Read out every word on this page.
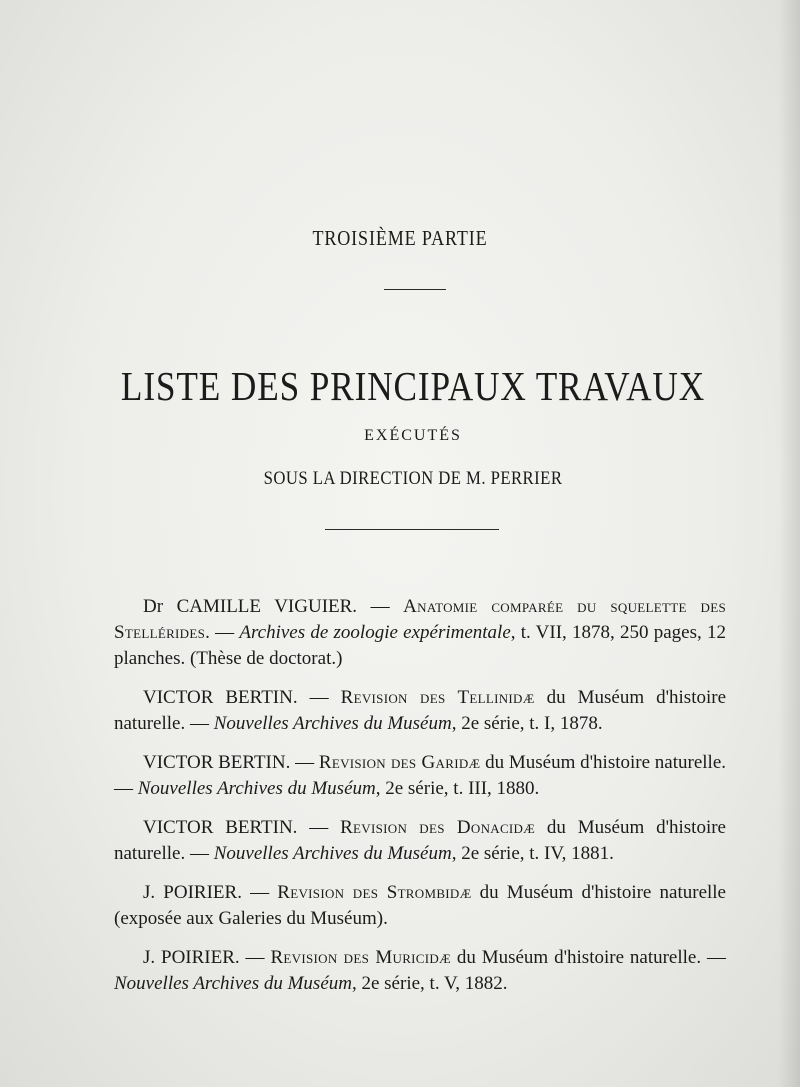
TROISIÈME PARTIE
LISTE DES PRINCIPAUX TRAVAUX
EXÉCUTÉS
SOUS LA DIRECTION DE M. PERRIER

Dr CAMILLE VIGUIER. — Anatomie comparée du squelette des Stellérides. — Archives de zoologie expérimentale, t. VII, 1878, 250 pages, 12 planches. (Thèse de doctorat.)

VICTOR BERTIN. — Revision des Tellinidæ du Muséum d'histoire naturelle. — Nouvelles Archives du Muséum, 2e série, t. I, 1878.

VICTOR BERTIN. — Revision des Garidæ du Muséum d'histoire naturelle. — Nouvelles Archives du Muséum, 2e série, t. III, 1880.

VICTOR BERTIN. — Revision des Donacidæ du Muséum d'histoire naturelle. — Nouvelles Archives du Muséum, 2e série, t. IV, 1881.

J. POIRIER. — Revision des Strombidæ du Muséum d'histoire naturelle (exposée aux Galeries du Muséum).

J. POIRIER. — Revision des Muricidæ du Muséum d'histoire naturelle. — Nouvelles Archives du Muséum, 2e série, t. V, 1882.
